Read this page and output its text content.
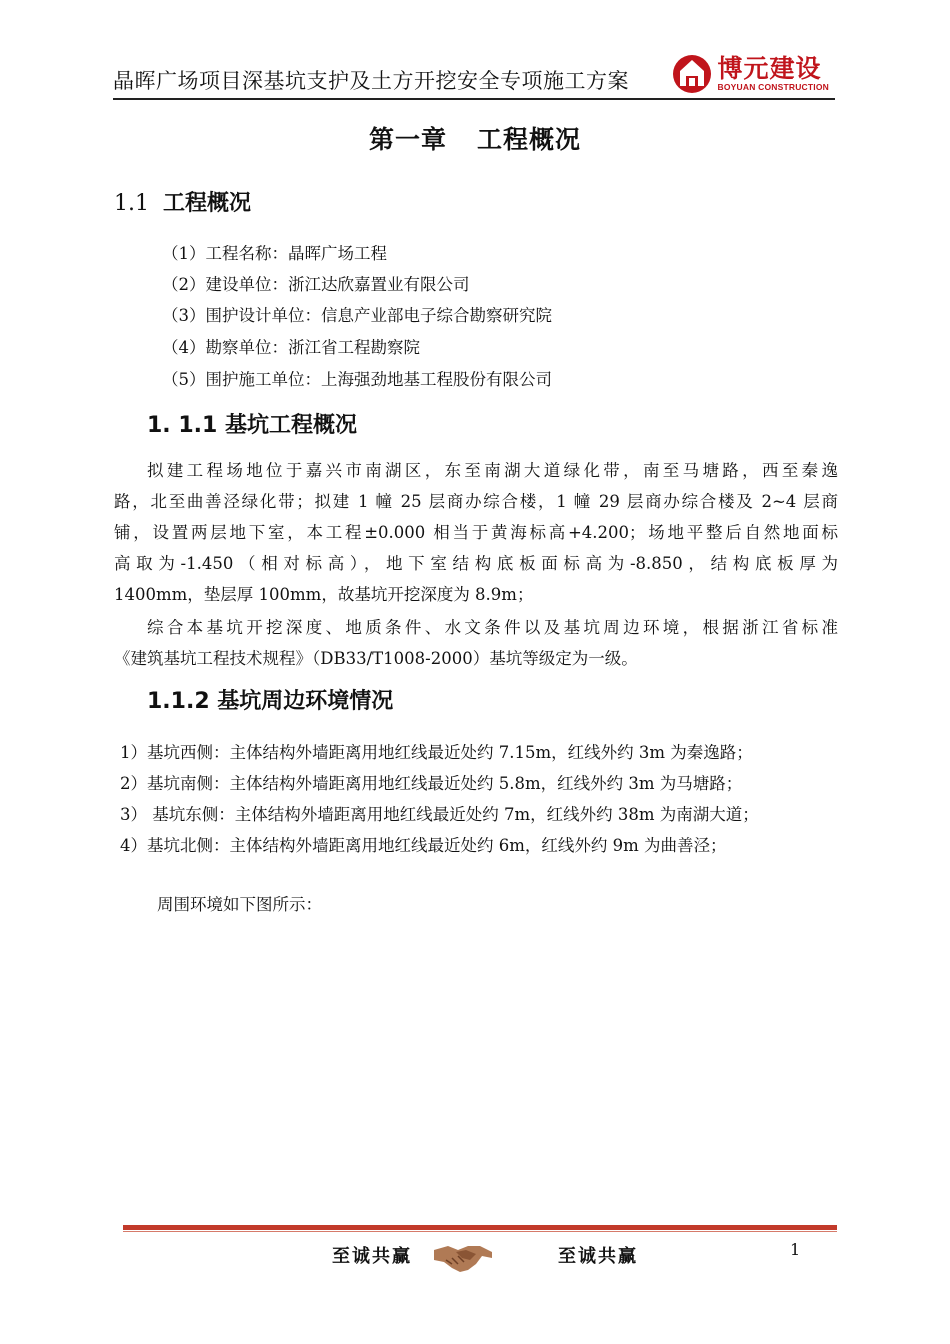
晶晖广场项目深基坑支护及土方开挖安全专项施工方案	博元建设
BOYUAN CONSTRUCTION
第一章 工程概况
1.1 工程概况
（1）工程名称：晶晖广场工程
（2）建设单位：浙江达欣嘉置业有限公司
（3）围护设计单位：信息产业部电子综合勘察研究院
（4）勘察单位：浙江省工程勘察院
（5）围护施工单位：上海强劲地基工程股份有限公司
1. 1.1 基坑工程概况
拟建工程场地位于嘉兴市南湖区，东至南湖大道绿化带，南至马塘路，西至秦逸
路，北至曲善泾绿化带；拟建 1 幢 25 层商办综合楼，1 幢 29 层商办综合楼及 2~4 层商
铺，设置两层地下室，本工程±0.000 相当于黄海标高+4.200；场地平整后自然地面标
高取为-1.450（相对标高），地下室结构底板面标高为-8.850，结构底板厚为
1400mm，垫层厚 100mm，故基坑开挖深度为 8.9m；
综合本基坑开挖深度、地质条件、水文条件以及基坑周边环境，根据浙江省标准
《建筑基坑工程技术规程》（DB33/T1008-2000）基坑等级定为一级。
1.1.2 基坑周边环境情况
1）基坑西侧：主体结构外墙距离用地红线最近处约 7.15m，红线外约 3m 为秦逸路；
2）基坑南侧：主体结构外墙距离用地红线最近处约 5.8m，红线外约 3m 为马塘路；
3） 基坑东侧：主体结构外墙距离用地红线最近处约 7m，红线外约 38m 为南湖大道；
4）基坑北侧：主体结构外墙距离用地红线最近处约 6m，红线外约 9m 为曲善泾；
周围环境如下图所示：
至诚共赢	至诚共赢	1
